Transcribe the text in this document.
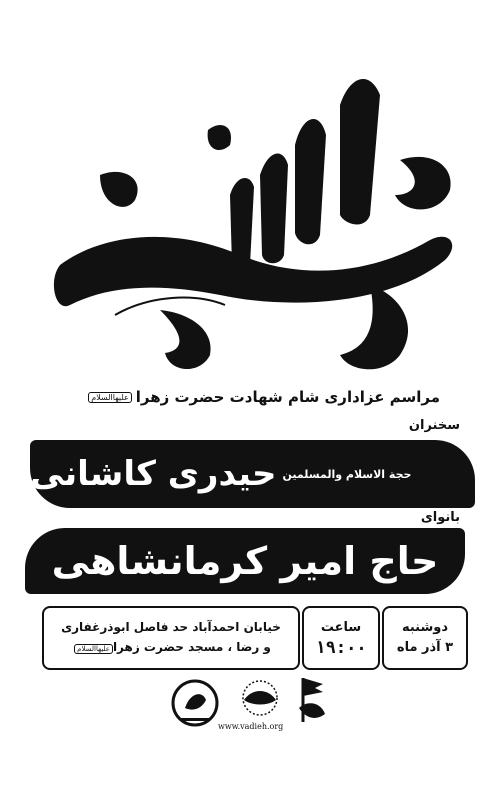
مراسم عزاداری شام شهادت حضرت زهراعلیهاالسلام
سخنران
حجة الاسلام والمسلمین
حیدری کاشانی
بانوای
حاج امیر کرمانشاهی
دوشنبه
۳ آذر ماه
ساعت
۱۹:۰۰
خیابان احمدآباد حد فاصل ابوذرغفاری
و رضا ، مسجد حضرت زهراعلیهاالسلام
www.vadieh.org
